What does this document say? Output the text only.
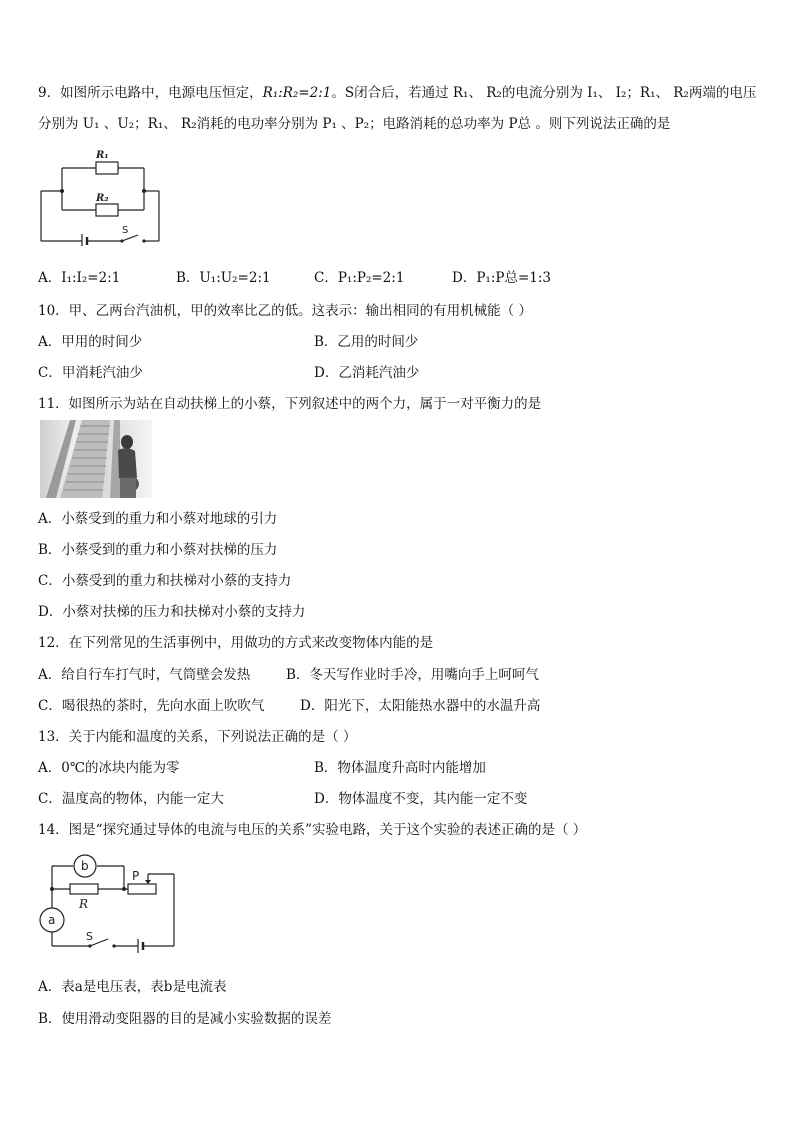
9．如图所示电路中，电源电压恒定，R₁:R₂=2:1。S闭合后，若通过 R₁、 R₂的电流分别为 I₁、 I₂；R₁、 R₂两端的电压
分别为 U₁ 、U₂；R₁、 R₂消耗的电功率分别为 P₁ 、P₂；电路消耗的总功率为 P总 。则下列说法正确的是
R₁
R₂
S
A．I₁:I₂=2:1	B．U₁:U₂=2:1	C．P₁:P₂=2:1	D．P₁:P总=1:3
10．甲、乙两台汽油机，甲的效率比乙的低。这表示：输出相同的有用机械能（ ）
A．甲用的时间少	B．乙用的时间少
C．甲消耗汽油少	D．乙消耗汽油少
11．如图所示为站在自动扶梯上的小蔡，下列叙述中的两个力，属于一对平衡力的是
A．小蔡受到的重力和小蔡对地球的引力
B．小蔡受到的重力和小蔡对扶梯的压力
C．小蔡受到的重力和扶梯对小蔡的支持力
D．小蔡对扶梯的压力和扶梯对小蔡的支持力
12．在下列常见的生活事例中，用做功的方式来改变物体内能的是
A．给自行车打气时，气筒壁会发热	B．冬天写作业时手冷，用嘴向手上呵呵气
C．喝很热的茶时，先向水面上吹吹气	D．阳光下，太阳能热水器中的水温升高
13．关于内能和温度的关系，下列说法正确的是（ ）
A．0℃的冰块内能为零	B．物体温度升高时内能增加
C．温度高的物体，内能一定大	D．物体温度不变，其内能一定不变
14．图是“探究通过导体的电流与电压的关系”实验电路，关于这个实验的表述正确的是（ ）
b
a
R
P
S
A．表a是电压表，表b是电流表
B．使用滑动变阻器的目的是减小实验数据的误差
